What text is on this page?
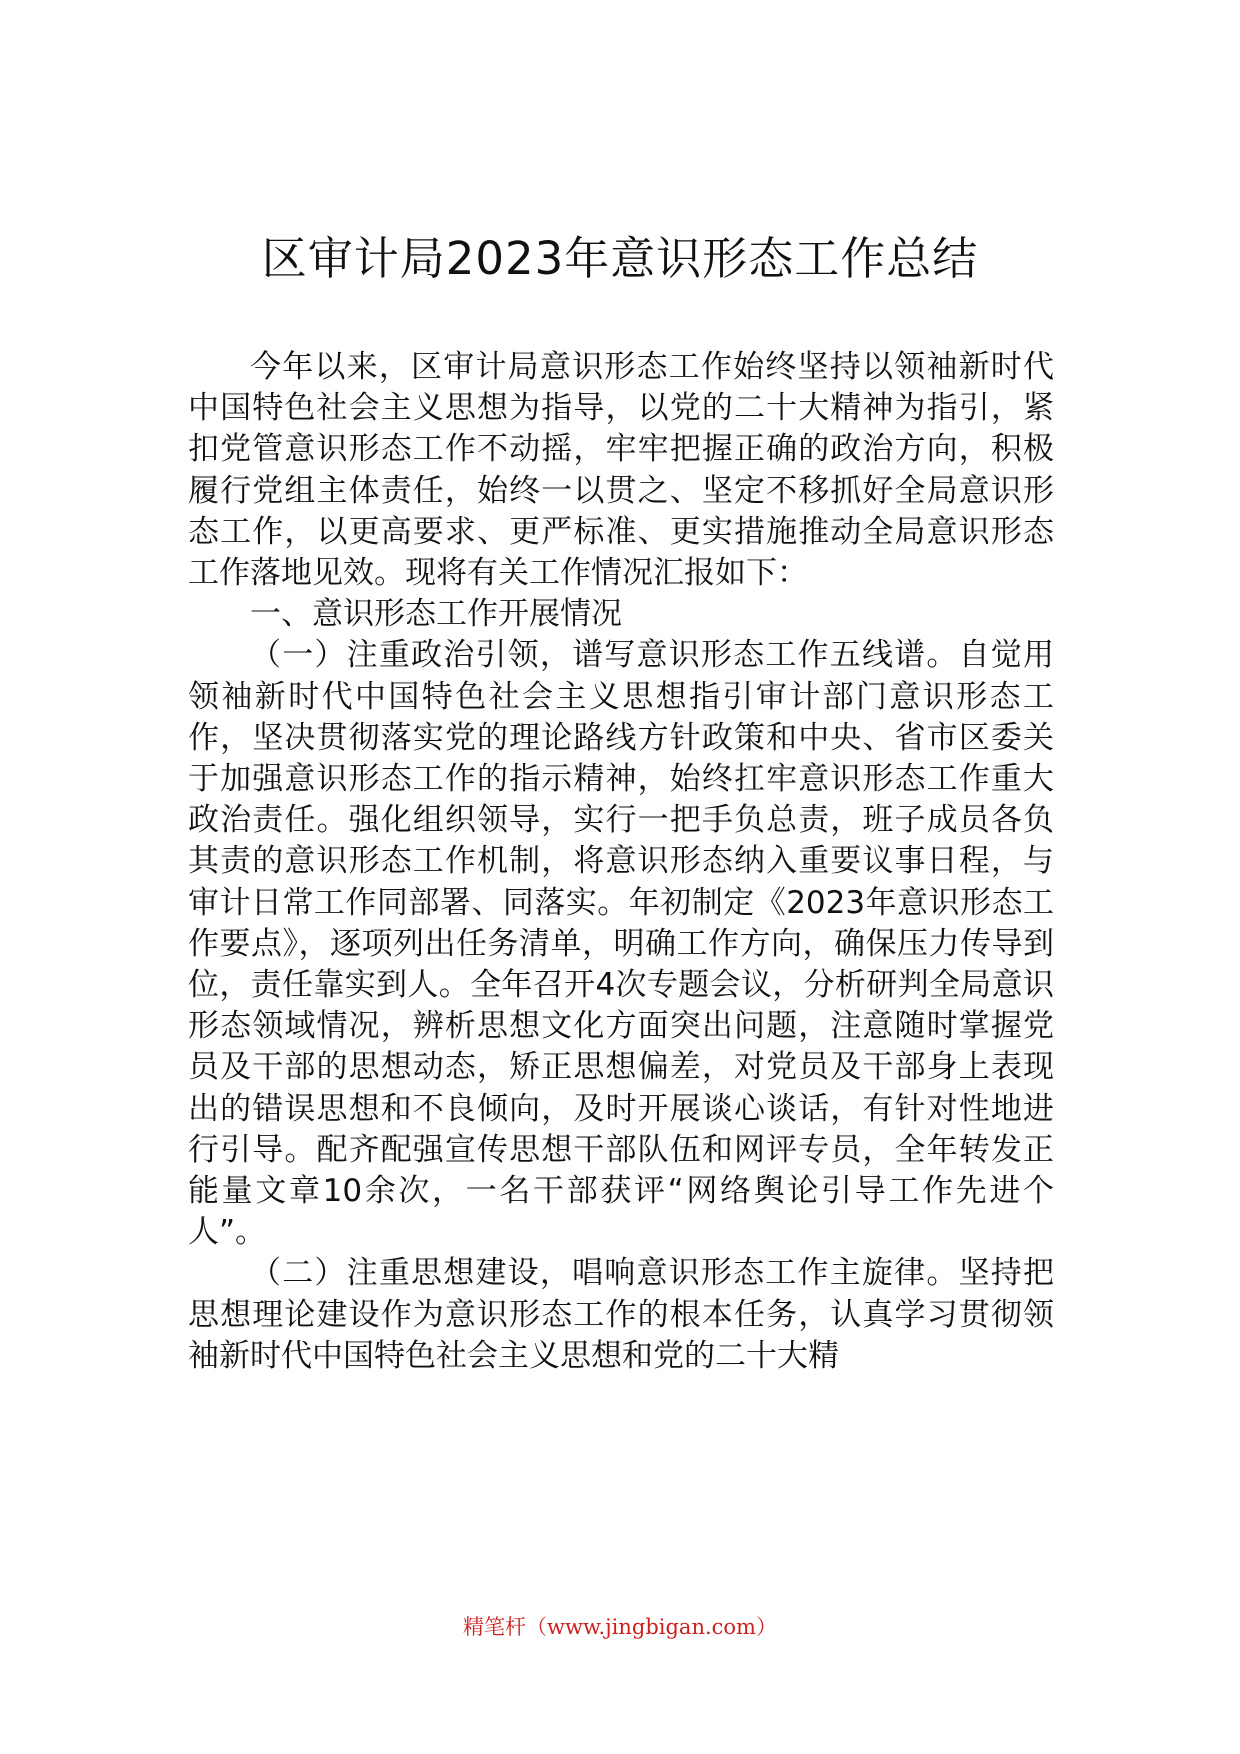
区审计局2023年意识形态工作总结

今年以来，区审计局意识形态工作始终坚持以领袖新时代中国特色社会主义思想为指导，以党的二十大精神为指引，紧扣党管意识形态工作不动摇，牢牢把握正确的政治方向，积极履行党组主体责任，始终一以贯之、坚定不移抓好全局意识形态工作，以更高要求、更严标准、更实措施推动全局意识形态工作落地见效。现将有关工作情况汇报如下：

一、意识形态工作开展情况

（一）注重政治引领，谱写意识形态工作五线谱。自觉用领袖新时代中国特色社会主义思想指引审计部门意识形态工作，坚决贯彻落实党的理论路线方针政策和中央、省市区委关于加强意识形态工作的指示精神，始终扛牢意识形态工作重大政治责任。强化组织领导，实行一把手负总责，班子成员各负其责的意识形态工作机制，将意识形态纳入重要议事日程，与审计日常工作同部署、同落实。年初制定《2023年意识形态工作要点》，逐项列出任务清单，明确工作方向，确保压力传导到位，责任靠实到人。全年召开4次专题会议，分析研判全局意识形态领域情况，辨析思想文化方面突出问题，注意随时掌握党员及干部的思想动态，矫正思想偏差，对党员及干部身上表现出的错误思想和不良倾向，及时开展谈心谈话，有针对性地进行引导。配齐配强宣传思想干部队伍和网评专员，全年转发正能量文章10余次，一名干部获评“网络舆论引导工作先进个人”。

（二）注重思想建设，唱响意识形态工作主旋律。坚持把思想理论建设作为意识形态工作的根本任务，认真学习贯彻领袖新时代中国特色社会主义思想和党的二十大精

精笔杆（www.jingbigan.com）
